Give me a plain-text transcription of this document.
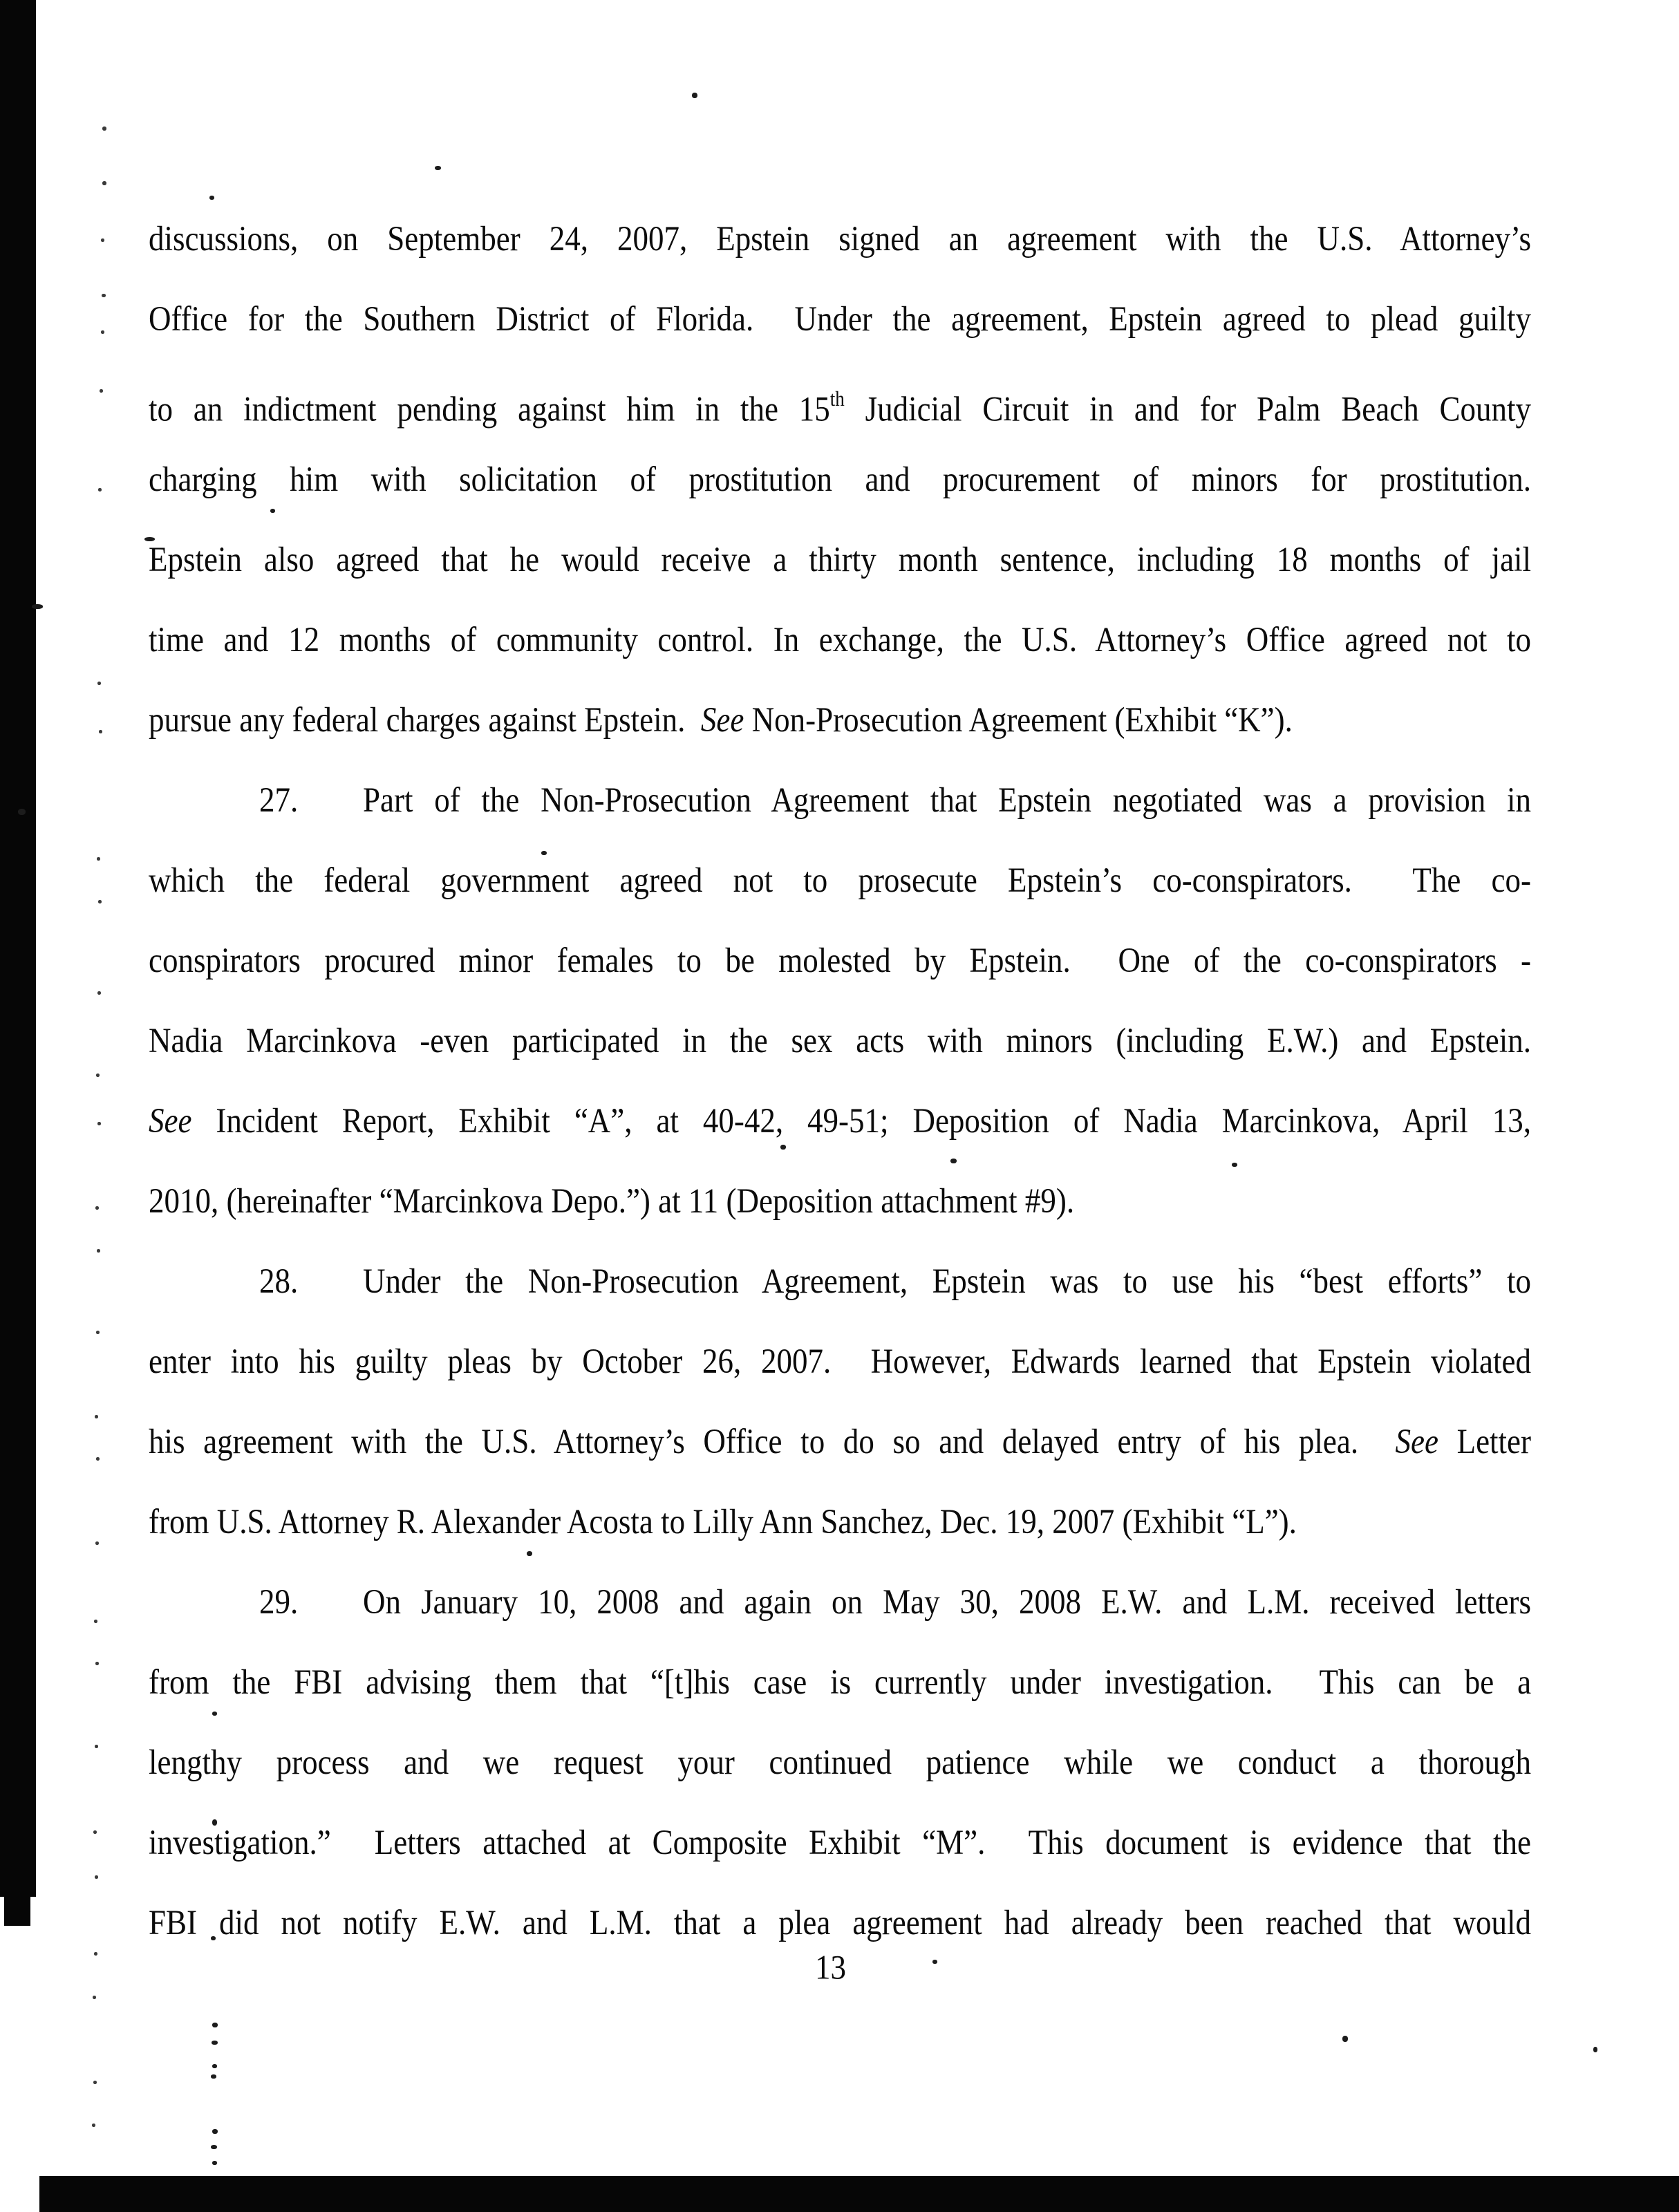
discussions, on September 24, 2007, Epstein signed an agreement with the U.S. Attorney’s
Office for the Southern District of Florida.  Under the agreement, Epstein agreed to plead guilty
to an indictment pending against him in the 15th Judicial Circuit in and for Palm Beach County
charging him with solicitation of prostitution and procurement of minors for prostitution.
Epstein also agreed that he would receive a thirty month sentence, including 18 months of jail
time and 12 months of community control. In exchange, the U.S. Attorney’s Office agreed not to
pursue any federal charges against Epstein.  See Non-Prosecution Agreement (Exhibit “K”).
27. Part of the Non-Prosecution Agreement that Epstein negotiated was a provision in
which the federal government agreed not to prosecute Epstein’s co-conspirators.  The co-
conspirators procured minor females to be molested by Epstein.  One of the co-conspirators -
Nadia Marcinkova -even participated in the sex acts with minors (including E.W.) and Epstein.
See Incident Report, Exhibit “A”, at 40-42, 49-51; Deposition of Nadia Marcinkova, April 13,
2010, (hereinafter “Marcinkova Depo.”) at 11 (Deposition attachment #9).
28. Under the Non-Prosecution Agreement, Epstein was to use his “best efforts” to
enter into his guilty pleas by October 26, 2007.  However, Edwards learned that Epstein violated
his agreement with the U.S. Attorney’s Office to do so and delayed entry of his plea.  See Letter
from U.S. Attorney R. Alexander Acosta to Lilly Ann Sanchez, Dec. 19, 2007 (Exhibit “L”).
29. On January 10, 2008 and again on May 30, 2008 E.W. and L.M. received letters
from the FBI advising them that “[t]his case is currently under investigation.  This can be a
lengthy process and we request your continued patience while we conduct a thorough
investigation.”  Letters attached at Composite Exhibit “M”.  This document is evidence that the
FBI did not notify E.W. and L.M. that a plea agreement had already been reached that would
13
